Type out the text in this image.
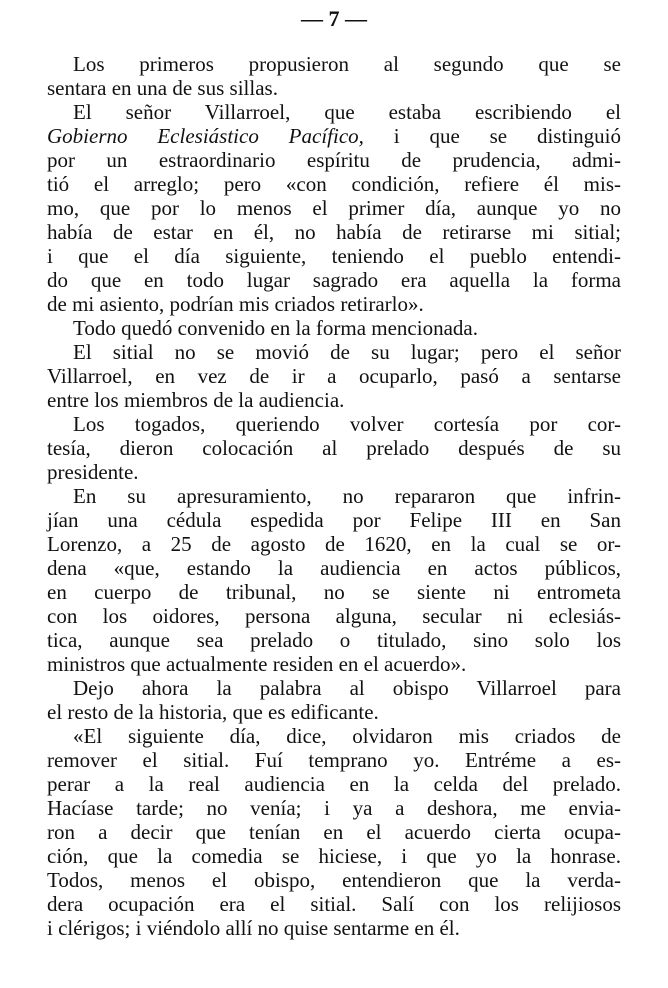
— 7 —
Los primeros propusieron al segundo que se
sentara en una de sus sillas.
El señor Villarroel, que estaba escribiendo el
Gobierno Eclesiástico Pacífico, i que se distinguió
por un estraordinario espíritu de prudencia, admi-
tió el arreglo; pero «con condición, refiere él mis-
mo, que por lo menos el primer día, aunque yo no
había de estar en él, no había de retirarse mi sitial;
i que el día siguiente, teniendo el pueblo entendi-
do que en todo lugar sagrado era aquella la forma
de mi asiento, podrían mis criados retirarlo».
Todo quedó convenido en la forma mencionada.
El sitial no se movió de su lugar; pero el señor
Villarroel, en vez de ir a ocuparlo, pasó a sentarse
entre los miembros de la audiencia.
Los togados, queriendo volver cortesía por cor-
tesía, dieron colocación al prelado después de su
presidente.
En su apresuramiento, no repararon que infrin-
jían una cédula espedida por Felipe III en San
Lorenzo, a 25 de agosto de 1620, en la cual se or-
dena «que, estando la audiencia en actos públicos,
en cuerpo de tribunal, no se siente ni entrometa
con los oidores, persona alguna, secular ni eclesiás-
tica, aunque sea prelado o titulado, sino solo los
ministros que actualmente residen en el acuerdo».
Dejo ahora la palabra al obispo Villarroel para
el resto de la historia, que es edificante.
«El siguiente día, dice, olvidaron mis criados de
remover el sitial. Fuí temprano yo. Entréme a es-
perar a la real audiencia en la celda del prelado.
Hacíase tarde; no venía; i ya a deshora, me envia-
ron a decir que tenían en el acuerdo cierta ocupa-
ción, que la comedia se hiciese, i que yo la honrase.
Todos, menos el obispo, entendieron que la verda-
dera ocupación era el sitial. Salí con los relijiosos
i clérigos; i viéndolo allí no quise sentarme en él.
